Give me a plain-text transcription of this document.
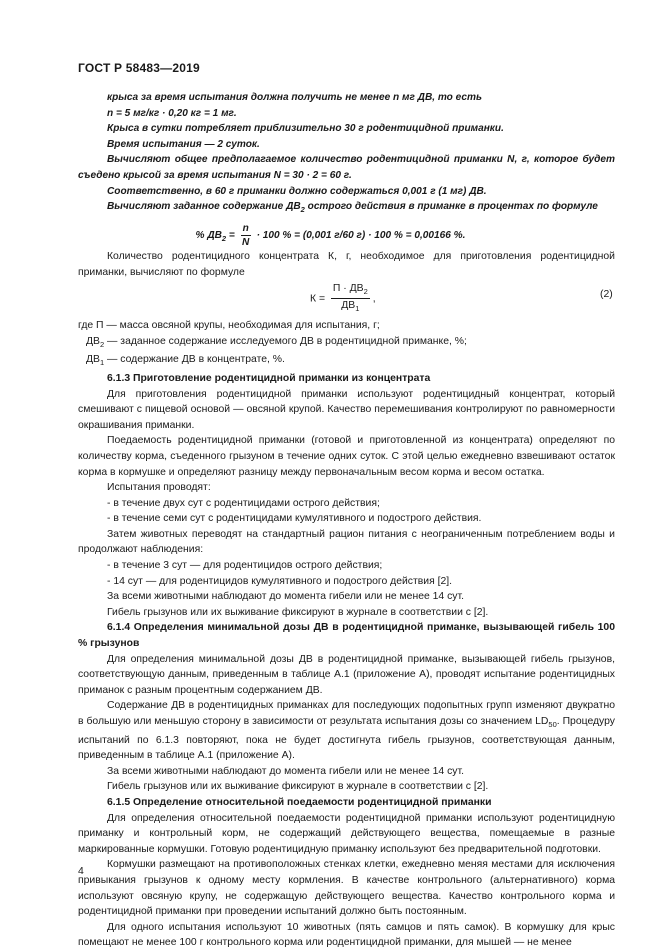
ГОСТ Р 58483—2019

крыса за время испытания должна получить не менее n мг ДВ, то есть

n = 5 мг/кг · 0,20 кг = 1 мг.

Крыса в сутки потребляет приблизительно 30 г родентицидной приманки.

Время испытания — 2 суток.

Вычисляют общее предполагаемое количество родентицидной приманки N, г, которое будет съедено крысой за время испытания N = 30 · 2 = 60 г.

Соответственно, в 60 г приманки должно содержаться 0,001 г (1 мг) ДВ.

Вычисляют заданное содержание $ДВ_2$ острого действия в приманке в процентах по формуле

% $ДВ_2 = \frac{n}{N} \cdot 100$ % = (0,001 г/60 г) · 100 % = 0,00166 %.

Количество родентицидного концентрата К, г, необходимое для приготовления родентицидной приманки, вычисляют по формуле

$К = \frac{П \cdot ДВ_2}{ДВ_1}$ ,	(2)

где П — масса овсяной крупы, необходимая для испытания, г;

$ДВ_2$ — заданное содержание исследуемого ДВ в родентицидной приманке, %;

$ДВ_1$ — содержание ДВ в концентрате, %.

6.1.3 Приготовление родентицидной приманки из концентрата

Для приготовления родентицидной приманки используют родентицидный концентрат, который смешивают с пищевой основой — овсяной крупой. Качество перемешивания контролируют по равномерности окрашивания приманки.

Поедаемость родентицидной приманки (готовой и приготовленной из концентрата) определяют по количеству корма, съеденного грызуном в течение одних суток. С этой целью ежедневно взвешивают остаток корма в кормушке и определяют разницу между первоначальным весом корма и весом остатка.

Испытания проводят:

- в течение двух сут с родентицидами острого действия;

- в течение семи сут с родентицидами кумулятивного и подострого действия.

Затем животных переводят на стандартный рацион питания с неограниченным потреблением воды и продолжают наблюдения:

- в течение 3 сут — для родентицидов острого действия;

- 14 сут — для родентицидов кумулятивного и подострого действия [2].

За всеми животными наблюдают до момента гибели или не менее 14 сут.

Гибель грызунов или их выживание фиксируют в журнале в соответствии с [2].

6.1.4 Определения минимальной дозы ДВ в родентицидной приманке, вызывающей гибель 100 % грызунов

Для определения минимальной дозы ДВ в родентицидной приманке, вызывающей гибель грызунов, соответствующую данным, приведенным в таблице А.1 (приложение А), проводят испытание родентицидных приманок с разным процентным содержанием ДВ.

Содержание ДВ в родентицидных приманках для последующих подопытных групп изменяют двукратно в большую или меньшую сторону в зависимости от результата испытания дозы со значением $LD_{50}$. Процедуру испытаний по 6.1.3 повторяют, пока не будет достигнута гибель грызунов, соответствующая данным, приведенным в таблице А.1 (приложение А).

За всеми животными наблюдают до момента гибели или не менее 14 сут.

Гибель грызунов или их выживание фиксируют в журнале в соответствии с [2].

6.1.5 Определение относительной поедаемости родентицидной приманки

Для определения относительной поедаемости родентицидной приманки используют родентицидную приманку и контрольный корм, не содержащий действующего вещества, помещаемые в разные маркированные кормушки. Готовую родентицидную приманку используют без предварительной подготовки.

Кормушки размещают на противоположных стенках клетки, ежедневно меняя местами для исключения привыкания грызунов к одному месту кормления. В качестве контрольного (альтернативного) корма используют овсяную крупу, не содержащую действующего вещества. Качество контрольного корма и родентицидной приманки при проведении испытаний должно быть постоянным.

Для одного испытания используют 10 животных (пять самцов и пять самок). В кормушку для крыс помещают не менее 100 г контрольного корма или родентицидной приманки, для мышей — не менее

4
